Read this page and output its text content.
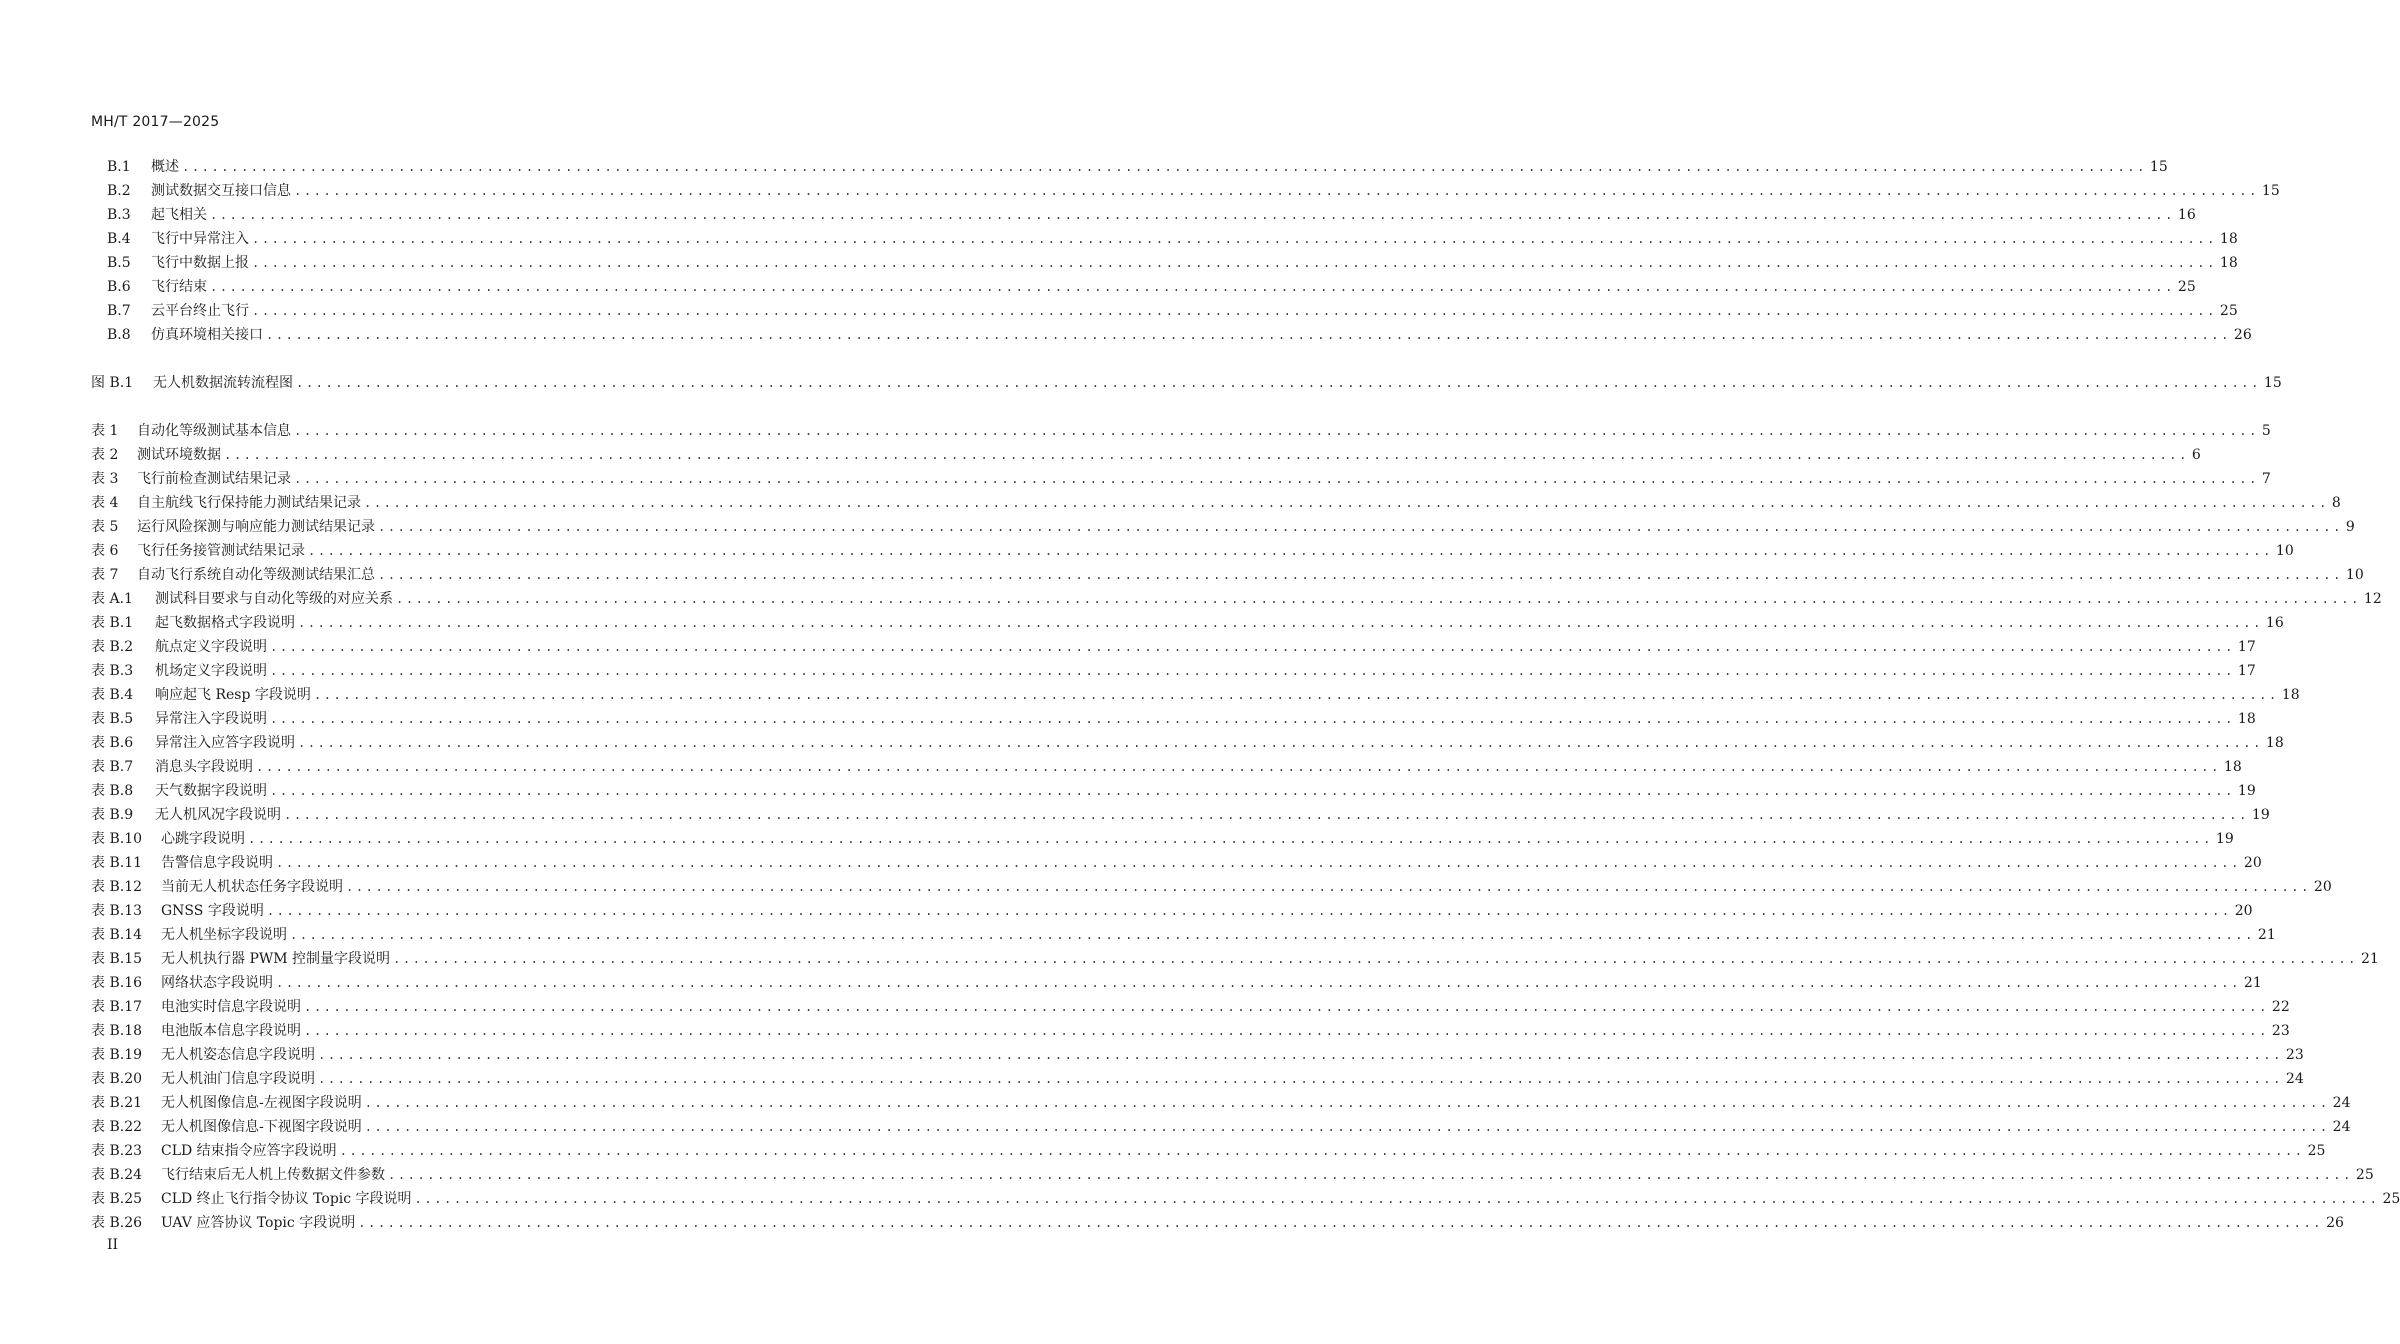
MH/T 2017—2025
B.1 概述 ........................................................................................................................................................................................................ 15
B.2 测试数据交互接口信息 ........................................................................................................................................................................................................ 15
B.3 起飞相关 ........................................................................................................................................................................................................ 16
B.4 飞行中异常注入 ........................................................................................................................................................................................................ 18
B.5 飞行中数据上报 ........................................................................................................................................................................................................ 18
B.6 飞行结束 ........................................................................................................................................................................................................ 25
B.7 云平台终止飞行 ........................................................................................................................................................................................................ 25
B.8 仿真环境相关接口 ........................................................................................................................................................................................................ 26
图 B.1 无人机数据流转流程图 ........................................................................................................................................................................................................ 15
表 1 自动化等级测试基本信息 ........................................................................................................................................................................................................ 5
表 2 测试环境数据 ........................................................................................................................................................................................................ 6
表 3 飞行前检查测试结果记录 ........................................................................................................................................................................................................ 7
表 4 自主航线飞行保持能力测试结果记录 ........................................................................................................................................................................................................ 8
表 5 运行风险探测与响应能力测试结果记录 ........................................................................................................................................................................................................ 9
表 6 飞行任务接管测试结果记录 ........................................................................................................................................................................................................ 10
表 7 自动飞行系统自动化等级测试结果汇总 ........................................................................................................................................................................................................ 10
表 A.1 测试科目要求与自动化等级的对应关系 ........................................................................................................................................................................................................ 12
表 B.1 起飞数据格式字段说明 ........................................................................................................................................................................................................ 16
表 B.2 航点定义字段说明 ........................................................................................................................................................................................................ 17
表 B.3 机场定义字段说明 ........................................................................................................................................................................................................ 17
表 B.4 响应起飞 Resp 字段说明 ........................................................................................................................................................................................................ 18
表 B.5 异常注入字段说明 ........................................................................................................................................................................................................ 18
表 B.6 异常注入应答字段说明 ........................................................................................................................................................................................................ 18
表 B.7 消息头字段说明 ........................................................................................................................................................................................................ 18
表 B.8 天气数据字段说明 ........................................................................................................................................................................................................ 19
表 B.9 无人机风况字段说明 ........................................................................................................................................................................................................ 19
表 B.10 心跳字段说明 ........................................................................................................................................................................................................ 19
表 B.11 告警信息字段说明 ........................................................................................................................................................................................................ 20
表 B.12 当前无人机状态任务字段说明 ........................................................................................................................................................................................................ 20
表 B.13 GNSS 字段说明 ........................................................................................................................................................................................................ 20
表 B.14 无人机坐标字段说明 ........................................................................................................................................................................................................ 21
表 B.15 无人机执行器 PWM 控制量字段说明 ........................................................................................................................................................................................................ 21
表 B.16 网络状态字段说明 ........................................................................................................................................................................................................ 21
表 B.17 电池实时信息字段说明 ........................................................................................................................................................................................................ 22
表 B.18 电池版本信息字段说明 ........................................................................................................................................................................................................ 23
表 B.19 无人机姿态信息字段说明 ........................................................................................................................................................................................................ 23
表 B.20 无人机油门信息字段说明 ........................................................................................................................................................................................................ 24
表 B.21 无人机图像信息-左视图字段说明 ........................................................................................................................................................................................................ 24
表 B.22 无人机图像信息-下视图字段说明 ........................................................................................................................................................................................................ 24
表 B.23 CLD 结束指令应答字段说明 ........................................................................................................................................................................................................ 25
表 B.24 飞行结束后无人机上传数据文件参数 ........................................................................................................................................................................................................ 25
表 B.25 CLD 终止飞行指令协议 Topic 字段说明 ........................................................................................................................................................................................................ 25
表 B.26 UAV 应答协议 Topic 字段说明 ........................................................................................................................................................................................................ 26
II
